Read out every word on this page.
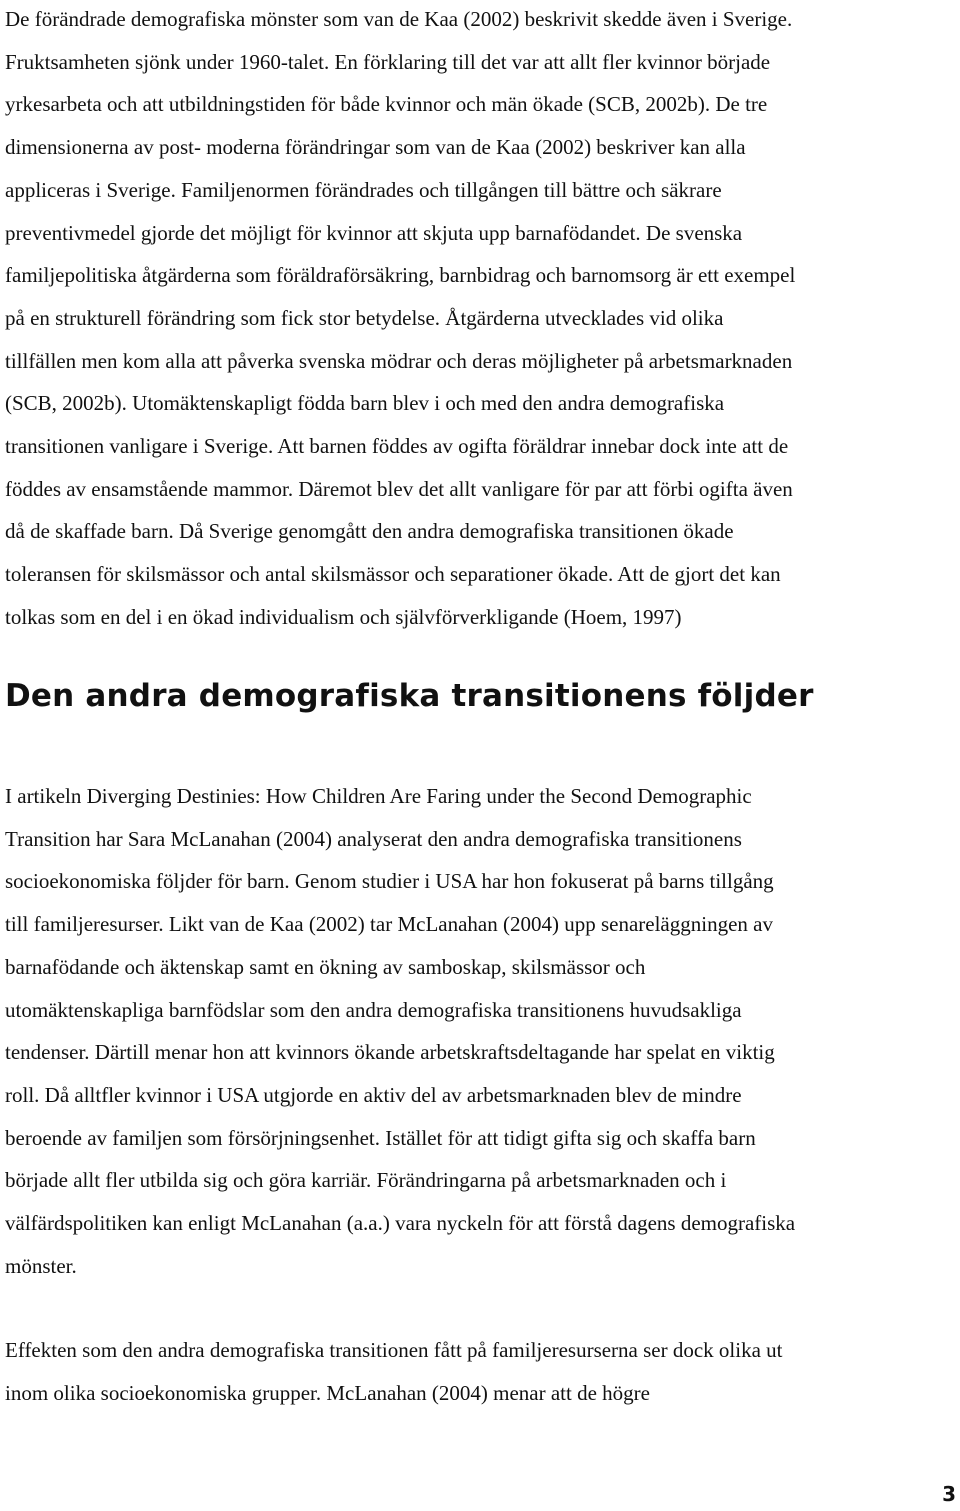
De förändrade demografiska mönster som van de Kaa (2002) beskrivit skedde även i Sverige.
Fruktsamheten sjönk under 1960-talet. En förklaring till det var att allt fler kvinnor började
yrkesarbeta och att utbildningstiden för både kvinnor och män ökade (SCB, 2002b). De tre
dimensionerna av post- moderna förändringar som van de Kaa (2002) beskriver kan alla
appliceras i Sverige. Familjenormen förändrades och tillgången till bättre och säkrare
preventivmedel gjorde det möjligt för kvinnor att skjuta upp barnafödandet. De svenska
familjepolitiska åtgärderna som föräldraförsäkring, barnbidrag och barnomsorg är ett exempel
på en strukturell förändring som fick stor betydelse. Åtgärderna utvecklades vid olika
tillfällen men kom alla att påverka svenska mödrar och deras möjligheter på arbetsmarknaden
(SCB, 2002b). Utomäktenskapligt födda barn blev i och med den andra demografiska
transitionen vanligare i Sverige. Att barnen föddes av ogifta föräldrar innebar dock inte att de
föddes av ensamstående mammor. Däremot blev det allt vanligare för par att förbi ogifta även
då de skaffade barn. Då Sverige genomgått den andra demografiska transitionen ökade
toleransen för skilsmässor och antal skilsmässor och separationer ökade. Att de gjort det kan
tolkas som en del i en ökad individualism och självförverkligande (Hoem, 1997)

Den andra demografiska transitionens följder

I artikeln Diverging Destinies: How Children Are Faring under the Second Demographic
Transition har Sara McLanahan (2004) analyserat den andra demografiska transitionens
socioekonomiska följder för barn. Genom studier i USA har hon fokuserat på barns tillgång
till familjeresurser. Likt van de Kaa (2002) tar McLanahan (2004) upp senareläggningen av
barnafödande och äktenskap samt en ökning av samboskap, skilsmässor och
utomäktenskapliga barnfödslar som den andra demografiska transitionens huvudsakliga
tendenser. Därtill menar hon att kvinnors ökande arbetskraftsdeltagande har spelat en viktig
roll. Då alltfler kvinnor i USA utgjorde en aktiv del av arbetsmarknaden blev de mindre
beroende av familjen som försörjningsenhet. Istället för att tidigt gifta sig och skaffa barn
började allt fler utbilda sig och göra karriär. Förändringarna på arbetsmarknaden och i
välfärdspolitiken kan enligt McLanahan (a.a.) vara nyckeln för att förstå dagens demografiska
mönster.

Effekten som den andra demografiska transitionen fått på familjeresurserna ser dock olika ut
inom olika socioekonomiska grupper. McLanahan (2004) menar att de högre

3
